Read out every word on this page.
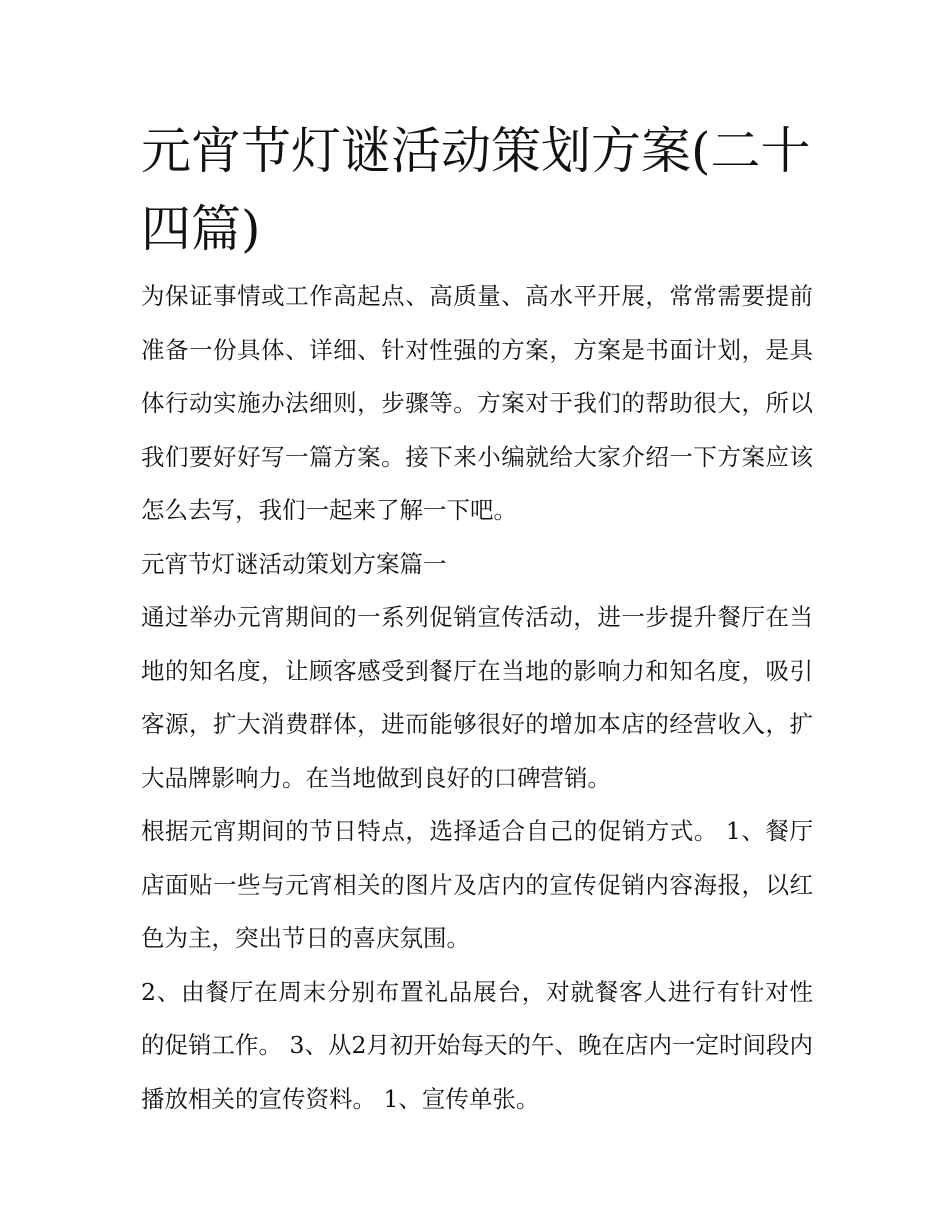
元宵节灯谜活动策划方案(二十四篇)

为保证事情或工作高起点、高质量、高水平开展，常常需要提前准备一份具体、详细、针对性强的方案，方案是书面计划，是具体行动实施办法细则，步骤等。方案对于我们的帮助很大，所以我们要好好写一篇方案。接下来小编就给大家介绍一下方案应该怎么去写，我们一起来了解一下吧。

元宵节灯谜活动策划方案篇一

通过举办元宵期间的一系列促销宣传活动，进一步提升餐厅在当地的知名度，让顾客感受到餐厅在当地的影响力和知名度，吸引客源，扩大消费群体，进而能够很好的增加本店的经营收入，扩大品牌影响力。在当地做到良好的口碑营销。

根据元宵期间的节日特点，选择适合自己的促销方式。 1、餐厅店面贴一些与元宵相关的图片及店内的宣传促销内容海报，以红色为主，突出节日的喜庆氛围。

2、由餐厅在周末分别布置礼品展台，对就餐客人进行有针对性的促销工作。 3、从2月初开始每天的午、晚在店内一定时间段内播放相关的宣传资料。 1、宣传单张。
